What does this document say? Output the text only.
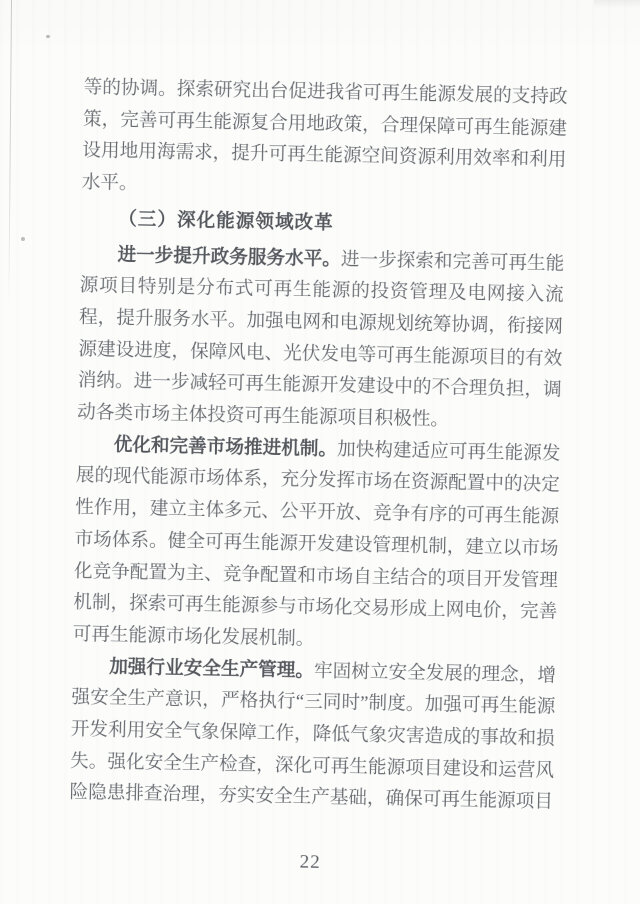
等的协调。探索研究出台促进我省可再生能源发展的支持政策，完善可再生能源复合用地政策，合理保障可再生能源建设用地用海需求，提升可再生能源空间资源利用效率和利用水平。

（三）深化能源领域改革

进一步提升政务服务水平。进一步探索和完善可再生能源项目特别是分布式可再生能源的投资管理及电网接入流程，提升服务水平。加强电网和电源规划统筹协调，衔接网源建设进度，保障风电、光伏发电等可再生能源项目的有效消纳。进一步减轻可再生能源开发建设中的不合理负担，调动各类市场主体投资可再生能源项目积极性。

优化和完善市场推进机制。加快构建适应可再生能源发展的现代能源市场体系，充分发挥市场在资源配置中的决定性作用，建立主体多元、公平开放、竞争有序的可再生能源市场体系。健全可再生能源开发建设管理机制，建立以市场化竞争配置为主、竞争配置和市场自主结合的项目开发管理机制，探索可再生能源参与市场化交易形成上网电价，完善可再生能源市场化发展机制。

加强行业安全生产管理。牢固树立安全发展的理念，增强安全生产意识，严格执行“三同时”制度。加强可再生能源开发利用安全气象保障工作，降低气象灾害造成的事故和损失。强化安全生产检查，深化可再生能源项目建设和运营风险隐患排查治理，夯实安全生产基础，确保可再生能源项目

22
